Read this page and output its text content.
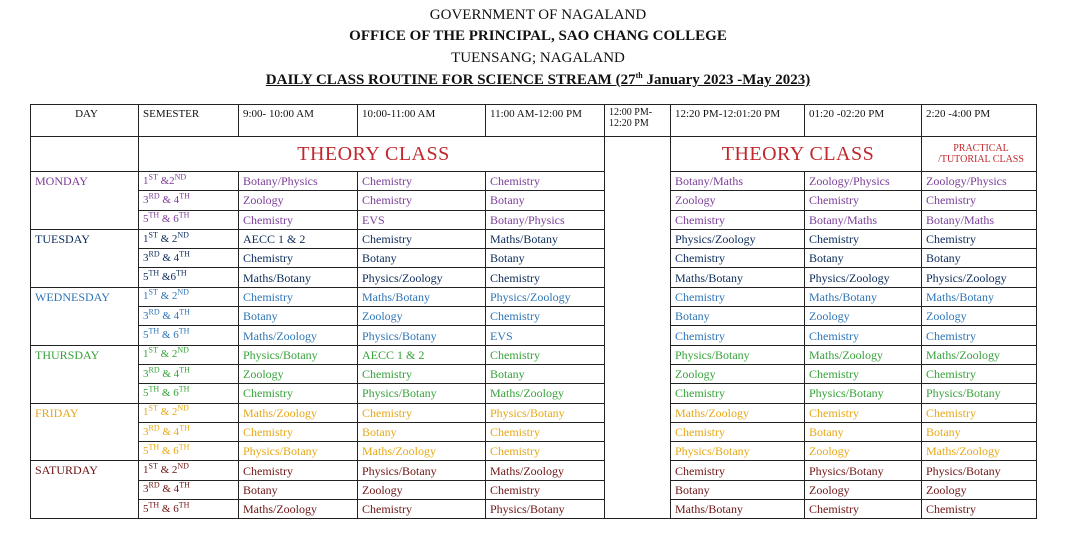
GOVERNMENT OF NAGALAND
OFFICE OF THE PRINCIPAL, SAO CHANG COLLEGE
TUENSANG; NAGALAND
DAILY CLASS ROUTINE FOR SCIENCE STREAM (27th January 2023 -May 2023)
DAY	SEMESTER	9:00- 10:00 AM	10:00-11:00 AM	11:00 AM-12:00 PM	12:00 PM- 12:20 PM	12:20 PM-12:01:20 PM	01:20 -02:20 PM	2:20 -4:00 PM
	THEORY CLASS				BREAK TIME	THEORY CLASS		PRACTICAL /TUTORIAL CLASS
MONDAY	1ST &2ND	Botany/Physics	Chemistry	Chemistry		Botany/Maths	Zoology/Physics	Zoology/Physics
	3RD & 4TH	Zoology	Chemistry	Botany		Zoology	Chemistry	Chemistry
	5TH & 6TH	Chemistry	EVS	Botany/Physics		Chemistry	Botany/Maths	Botany/Maths
TUESDAY	1ST & 2ND	AECC 1 & 2	Chemistry	Maths/Botany		Physics/Zoology	Chemistry	Chemistry
	3RD & 4TH	Chemistry	Botany	Botany		Chemistry	Botany	Botany
	5TH &6TH	Maths/Botany	Physics/Zoology	Chemistry		Maths/Botany	Physics/Zoology	Physics/Zoology
WEDNESDAY	1ST & 2ND	Chemistry	Maths/Botany	Physics/Zoology		Chemistry	Maths/Botany	Maths/Botany
	3RD & 4TH	Botany	Zoology	Chemistry		Botany	Zoology	Zoology
	5TH & 6TH	Maths/Zoology	Physics/Botany	EVS		Chemistry	Chemistry	Chemistry
THURSDAY	1ST & 2ND	Physics/Botany	AECC 1 & 2	Chemistry		Physics/Botany	Maths/Zoology	Maths/Zoology
	3RD & 4TH	Zoology	Chemistry	Botany		Zoology	Chemistry	Chemistry
	5TH & 6TH	Chemistry	Physics/Botany	Maths/Zoology		Chemistry	Physics/Botany	Physics/Botany
FRIDAY	1ST & 2ND	Maths/Zoology	Chemistry	Physics/Botany		Maths/Zoology	Chemistry	Chemistry
	3RD & 4TH	Chemistry	Botany	Chemistry		Chemistry	Botany	Botany
	5TH & 6TH	Physics/Botany	Maths/Zoology	Chemistry		Physics/Botany	Zoology	Maths/Zoology
SATURDAY	1ST & 2ND	Chemistry	Physics/Botany	Maths/Zoology		Chemistry	Physics/Botany	Physics/Botany
	3RD & 4TH	Botany	Zoology	Chemistry		Botany	Zoology	Zoology
	5TH & 6TH	Maths/Zoology	Chemistry	Physics/Botany		Maths/Botany	Chemistry	Chemistry
